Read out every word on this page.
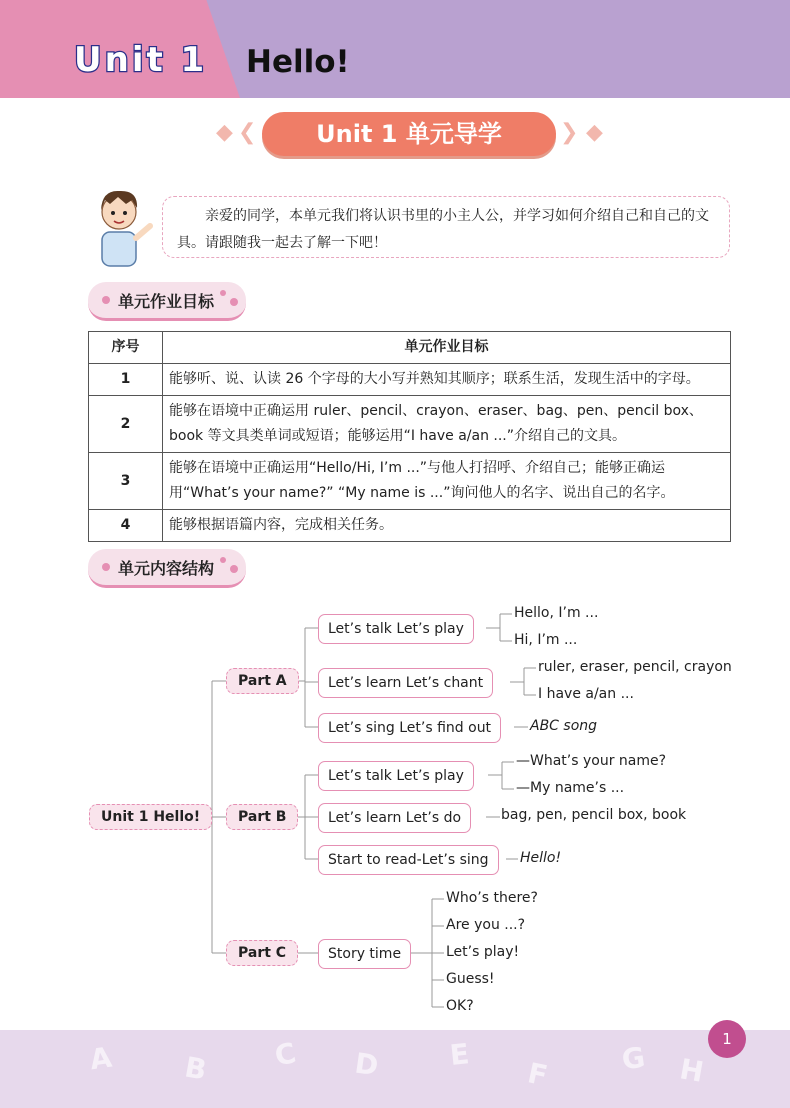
Unit 1 Hello!
◆ ❮	Unit 1 单元导学	❯ ◆
　　亲爱的同学，本单元我们将认识书里的小主人公，并学习如何介绍自己和自己的文具。请跟随我一起去了解一下吧！
单元作业目标
序号	单元作业目标
1	能够听、说、认读 26 个字母的大小写并熟知其顺序；联系生活，发现生活中的字母。
2	能够在语境中正确运用 ruler、pencil、crayon、eraser、bag、pen、pencil box、book 等文具类单词或短语；能够运用“I have a/an ...”介绍自己的文具。
3	能够在语境中正确运用“Hello/Hi, I’m ...”与他人打招呼、介绍自己；能够正确运用“What’s your name?” “My name is ...”询问他人的名字、说出自己的名字。
4	能够根据语篇内容，完成相关任务。
单元内容结构
Unit 1 Hello!
Part A
Part B
Part C
Let’s talk Let’s play
Let’s learn Let’s chant
Let’s sing Let’s find out
Hello, I’m ...
Hi, I’m ...
ruler, eraser, pencil, crayon
I have a/an ...
ABC song
Let’s talk Let’s play
Let’s learn Let’s do
Start to read-Let’s sing
—What’s your name?
—My name’s ...
bag, pen, pencil box, book
Hello!
Story time
Who’s there?
Are you ...?
Let’s play!
Guess!
OK?
A B C D E
F G H
1
